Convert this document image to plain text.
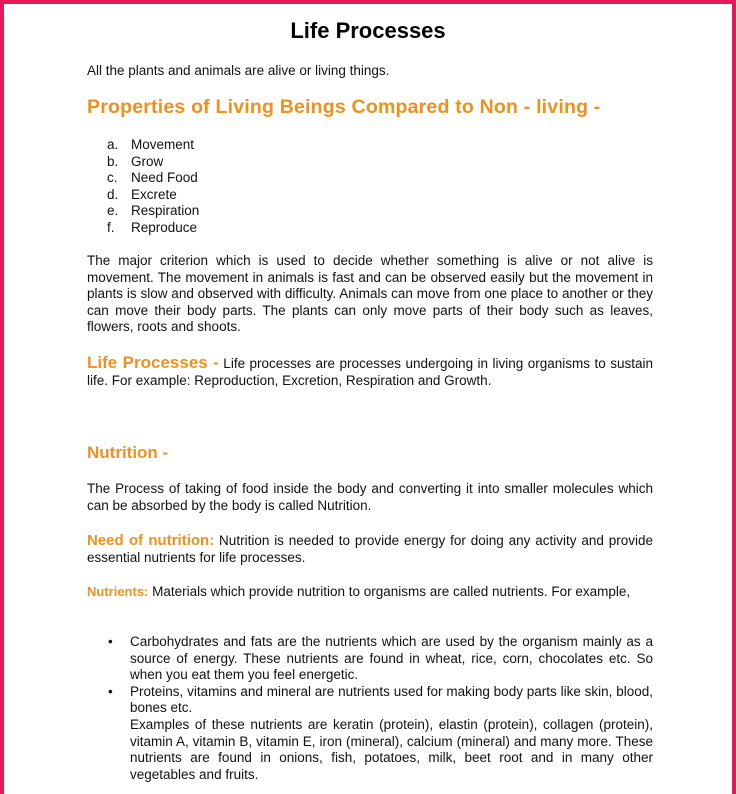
Life Processes
All the plants and animals are alive or living things.
Properties of Living Beings Compared to Non - living -
a. Movement
b. Grow
c. Need Food
d. Excrete
e. Respiration
f.	Reproduce
The major criterion which is used to decide whether something is alive or not alive is movement. The movement in animals is fast and can be observed easily but the movement in plants is slow and observed with difficulty. Animals can move from one place to another or they can move their body parts. The plants can only move parts of their body such as leaves, flowers, roots and shoots.
Life Processes - Life processes are processes undergoing in living organisms to sustain life. For example: Reproduction, Excretion, Respiration and Growth.
Nutrition -
The Process of taking of food inside the body and converting it into smaller molecules which can be absorbed by the body is called Nutrition.
Need of nutrition: Nutrition is needed to provide energy for doing any activity and provide essential nutrients for life processes.
Nutrients: Materials which provide nutrition to organisms are called nutrients. For example,
•	Carbohydrates and fats are the nutrients which are used by the organism mainly as a source of energy. These nutrients are found in wheat, rice, corn, chocolates etc. So when you eat them you feel energetic.
•	Proteins, vitamins and mineral are nutrients used for making body parts like skin, blood, bones etc.
Examples of these nutrients are keratin (protein), elastin (protein), collagen (protein), vitamin A, vitamin B, vitamin E, iron (mineral), calcium (mineral) and many more. These nutrients are found in onions, fish, potatoes, milk, beet root and in many other vegetables and fruits.
